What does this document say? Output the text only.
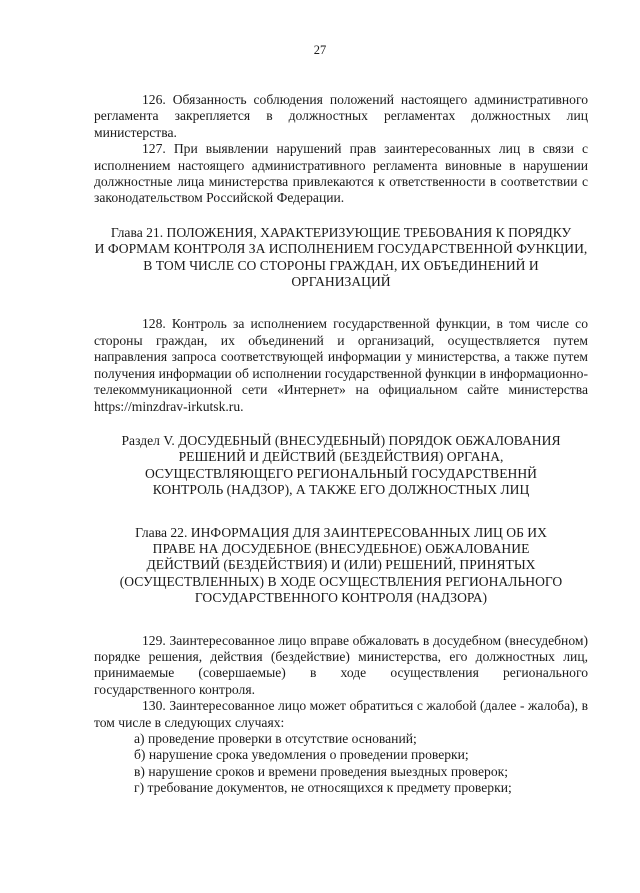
27

126. Обязанность соблюдения положений настоящего административного регламента закрепляется в должностных регламентах должностных лиц министерства.

127. При выявлении нарушений прав заинтересованных лиц в связи с исполнением настоящего административного регламента виновные в нарушении должностные лица министерства привлекаются к ответственности в соответствии с законодательством Российской Федерации.

Глава 21. ПОЛОЖЕНИЯ, ХАРАКТЕРИЗУЮЩИЕ ТРЕБОВАНИЯ К ПОРЯДКУ
И ФОРМАМ КОНТРОЛЯ ЗА ИСПОЛНЕНИЕМ ГОСУДАРСТВЕННОЙ ФУНКЦИИ,
В ТОМ ЧИСЛЕ СО СТОРОНЫ ГРАЖДАН, ИХ ОБЪЕДИНЕНИЙ И ОРГАНИЗАЦИЙ

128. Контроль за исполнением государственной функции, в том числе со стороны граждан, их объединений и организаций, осуществляется путем направления запроса соответствующей информации у министерства, а также путем получения информации об исполнении государственной функции в информационно-телекоммуникационной сети «Интернет» на официальном сайте министерства https://minzdrav-irkutsk.ru.

Раздел V. ДОСУДЕБНЫЙ (ВНЕСУДЕБНЫЙ) ПОРЯДОК ОБЖАЛОВАНИЯ
РЕШЕНИЙ И ДЕЙСТВИЙ (БЕЗДЕЙСТВИЯ) ОРГАНА,
ОСУЩЕСТВЛЯЮЩЕГО РЕГИОНАЛЬНЫЙ ГОСУДАРСТВЕННЙ
КОНТРОЛЬ (НАДЗОР), А ТАКЖЕ ЕГО ДОЛЖНОСТНЫХ ЛИЦ
Глава 22. ИНФОРМАЦИЯ ДЛЯ ЗАИНТЕРЕСОВАННЫХ ЛИЦ ОБ ИХ
ПРАВЕ НА ДОСУДЕБНОЕ (ВНЕСУДЕБНОЕ) ОБЖАЛОВАНИЕ
ДЕЙСТВИЙ (БЕЗДЕЙСТВИЯ) И (ИЛИ) РЕШЕНИЙ, ПРИНЯТЫХ
(ОСУЩЕСТВЛЕННЫХ) В ХОДЕ ОСУЩЕСТВЛЕНИЯ РЕГИОНАЛЬНОГО
ГОСУДАРСТВЕННОГО КОНТРОЛЯ (НАДЗОРА)

129. Заинтересованное лицо вправе обжаловать в досудебном (внесудебном) порядке решения, действия (бездействие) министерства, его должностных лиц, принимаемые (совершаемые) в ходе осуществления регионального государственного контроля.

130. Заинтересованное лицо может обратиться с жалобой (далее - жалоба), в том числе в следующих случаях:

а) проведение проверки в отсутствие оснований;

б) нарушение срока уведомления о проведении проверки;

в) нарушение сроков и времени проведения выездных проверок;

г) требование документов, не относящихся к предмету проверки;
